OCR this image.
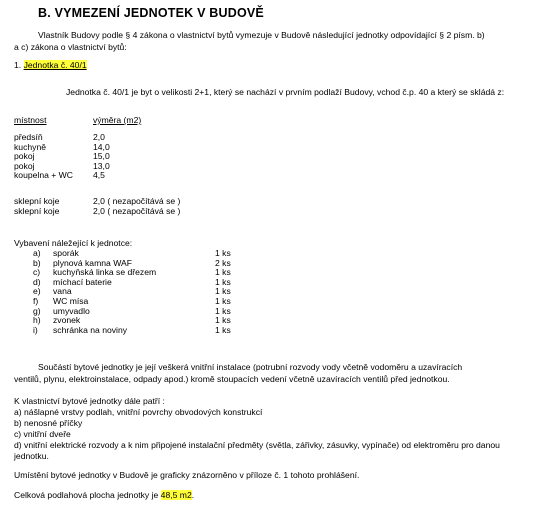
B. VYMEZENÍ JEDNOTEK V BUDOVĚ
Vlastník Budovy podle § 4 zákona o vlastnictví bytů vymezuje v Budově následující jednotky odpovídající § 2 písm. b)
a c) zákona o vlastnictví bytů:
1. Jednotka č. 40/1
Jednotka č. 40/1 je byt o velikosti 2+1, který se nachází v prvním podlaží Budovy, vchod č.p. 40 a který se skládá z:
místnost	výměra (m2)
předsíň	2,0
kuchyně	14,0
pokoj	15,0
pokoj	13,0
koupelna + WC	4,5
sklepní koje	2,0 ( nezapočítává se )
sklepní koje	2,0 ( nezapočítává se )
Vybavení náležející k jednotce:
a)	sporák	1 ks
b)	plynová kamna WAF	2 ks
c)	kuchyňská linka se dřezem	1 ks
d)	míchací baterie	1 ks
e)	vana	1 ks
f)	WC mísa	1 ks
g)	umyvadlo	1 ks
h)	zvonek	1 ks
i)	schránka na noviny	1 ks
Součástí bytové jednotky je její veškerá vnitřní instalace (potrubní rozvody vody včetně vodoměru a uzavíracích
ventilů, plynu, elektroinstalace, odpady apod.) kromě stoupacích vedení včetně uzavíracích ventilů před jednotkou.
K vlastnictví bytové jednotky dále patří :
a) nášlapné vrstvy podlah, vnitřní povrchy obvodových konstrukcí
b) nenosné příčky
c) vnitřní dveře
d) vnitřní elektrické rozvody a k nim připojené instalační předměty (světla, zářivky, zásuvky, vypínače) od elektroměru pro danou
jednotku.
Umístění bytové jednotky v Budově je graficky znázorněno v příloze č. 1 tohoto prohlášení.
Celková podlahová plocha jednotky je 48,5 m2.
